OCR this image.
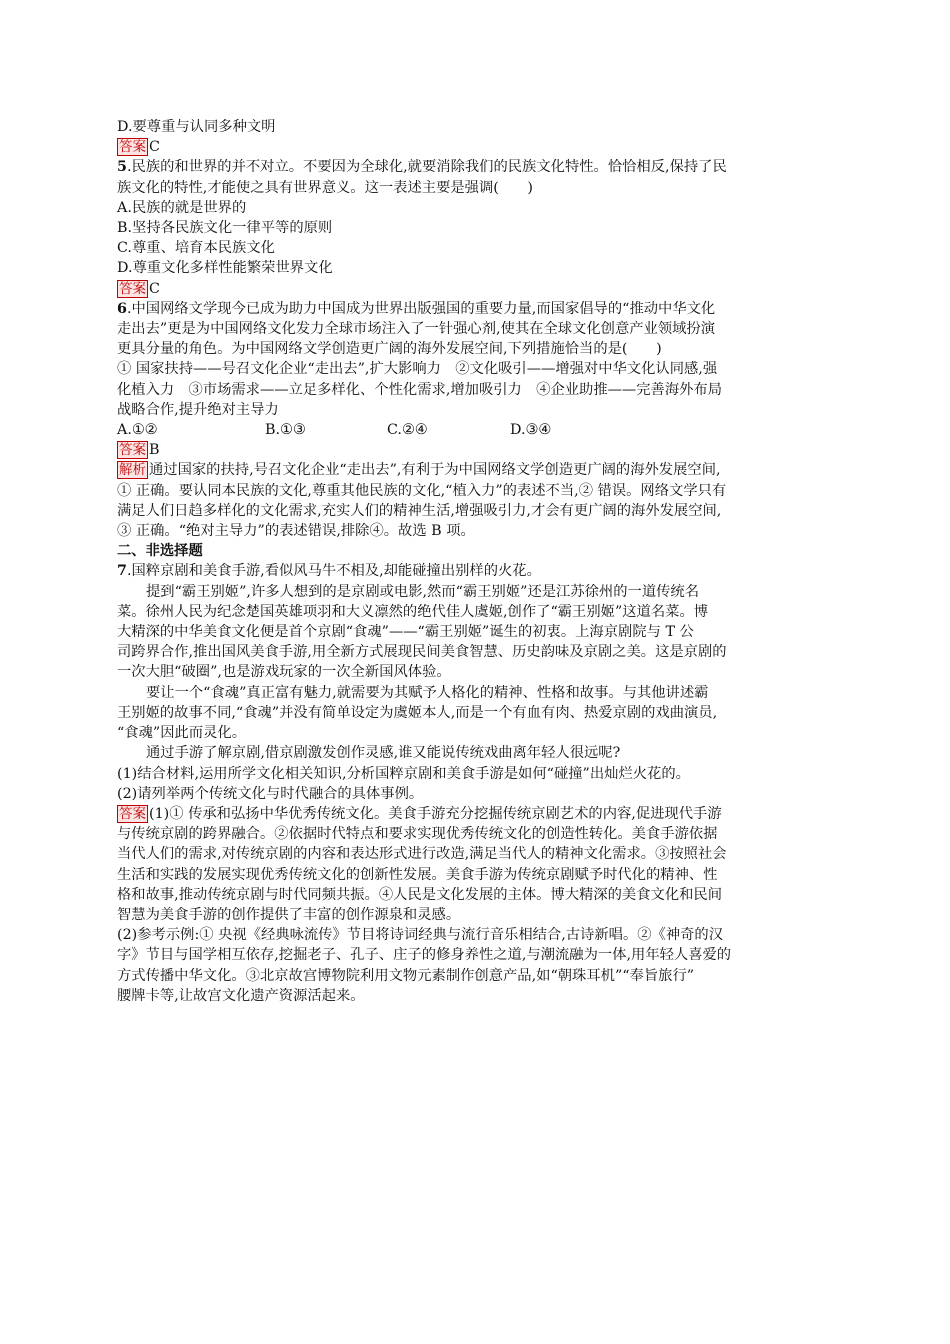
D.要尊重与认同多种文明
答案 C
5.民族的和世界的并不对立。不要因为全球化,就要消除我们的民族文化特性。恰恰相反,保持了民
族文化的特性,才能使之具有世界意义。这一表述主要是强调(　　)
A.民族的就是世界的
B.坚持各民族文化一律平等的原则
C.尊重、培育本民族文化
D.尊重文化多样性能繁荣世界文化
答案 C
6.中国网络文学现今已成为助力中国成为世界出版强国的重要力量,而国家倡导的“推动中华文化
走出去”更是为中国网络文化发力全球市场注入了一针强心剂,使其在全球文化创意产业领域扮演
更具分量的角色。为中国网络文学创造更广阔的海外发展空间,下列措施恰当的是(　　)
① 国家扶持——号召文化企业“走出去”,扩大影响力　②文化吸引——增强对中华文化认同感,强
化植入力　③市场需求——立足多样化、个性化需求,增加吸引力　④企业助推——完善海外布局
战略合作,提升绝对主导力
A.①②	B.①③	C.②④	D.③④
答案 B
解析 通过国家的扶持,号召文化企业“走出去”,有利于为中国网络文学创造更广阔的海外发展空间,
① 正确。要认同本民族的文化,尊重其他民族的文化,“植入力”的表述不当,② 错误。网络文学只有
满足人们日趋多样化的文化需求,充实人们的精神生活,增强吸引力,才会有更广阔的海外发展空间,
③ 正确。“绝对主导力”的表述错误,排除④。故选 B 项。
二、非选择题
7.国粹京剧和美食手游,看似风马牛不相及,却能碰撞出别样的火花。
提到“霸王别姬”,许多人想到的是京剧或电影,然而“霸王别姬”还是江苏徐州的一道传统名
菜。徐州人民为纪念楚国英雄项羽和大义凛然的绝代佳人虞姬,创作了“霸王别姬”这道名菜。博
大精深的中华美食文化便是首个京剧“食魂”——“霸王别姬”诞生的初衷。上海京剧院与 T 公
司跨界合作,推出国风美食手游,用全新方式展现民间美食智慧、历史韵味及京剧之美。这是京剧的
一次大胆“破圈”,也是游戏玩家的一次全新国风体验。
要让一个“食魂”真正富有魅力,就需要为其赋予人格化的精神、性格和故事。与其他讲述霸
王别姬的故事不同,“食魂”并没有简单设定为虞姬本人,而是一个有血有肉、热爱京剧的戏曲演员,
“食魂”因此而灵化。
通过手游了解京剧,借京剧激发创作灵感,谁又能说传统戏曲离年轻人很远呢?
(1)结合材料,运用所学文化相关知识,分析国粹京剧和美食手游是如何“碰撞”出灿烂火花的。
(2)请列举两个传统文化与时代融合的具体事例。
答案 (1)① 传承和弘扬中华优秀传统文化。美食手游充分挖掘传统京剧艺术的内容,促进现代手游
与传统京剧的跨界融合。②依据时代特点和要求实现优秀传统文化的创造性转化。美食手游依据
当代人们的需求,对传统京剧的内容和表达形式进行改造,满足当代人的精神文化需求。③按照社会
生活和实践的发展实现优秀传统文化的创新性发展。美食手游为传统京剧赋予时代化的精神、性
格和故事,推动传统京剧与时代同频共振。④人民是文化发展的主体。博大精深的美食文化和民间
智慧为美食手游的创作提供了丰富的创作源泉和灵感。
(2)参考示例:① 央视《经典咏流传》节目将诗词经典与流行音乐相结合,古诗新唱。②《神奇的汉
字》节目与国学相互依存,挖掘老子、孔子、庄子的修身养性之道,与潮流融为一体,用年轻人喜爱的
方式传播中华文化。③北京故宫博物院利用文物元素制作创意产品,如“朝珠耳机”“奉旨旅行”
腰牌卡等,让故宫文化遗产资源活起来。
